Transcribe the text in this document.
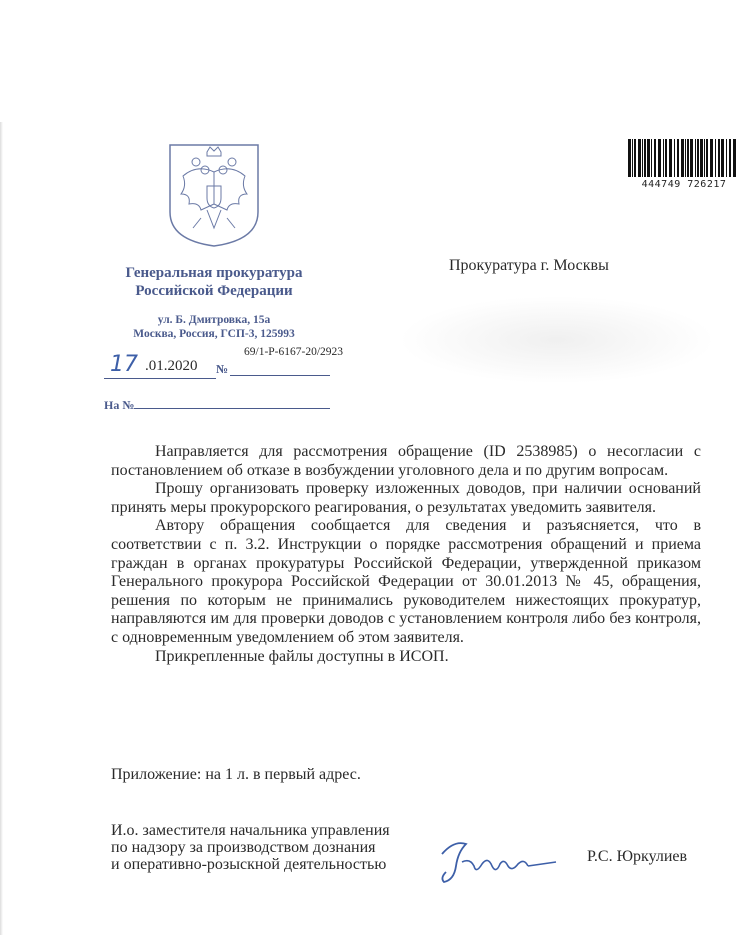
Генеральная прокуратура
Российской Федерации
ул. Б. Дмитровка, 15а
Москва, Россия, ГСП-3, 125993
17 .01.2020 №
69/1-Р-6167-20/2923
На №
444749 726217
Прокуратура г. Москвы

Направляется для рассмотрения обращение (ID 2538985) о несогласии с постановлением об отказе в возбуждении уголовного дела и по другим вопросам.

Прошу организовать проверку изложенных доводов, при наличии оснований принять меры прокурорского реагирования, о результатах уведомить заявителя.

Автору обращения сообщается для сведения и разъясняется, что в соответствии с п. 3.2. Инструкции о порядке рассмотрения обращений и приема граждан в органах прокуратуры Российской Федерации, утвержденной приказом Генерального прокурора Российской Федерации от 30.01.2013 № 45, обращения, решения по которым не принимались руководителем нижестоящих прокуратур, направляются им для проверки доводов с установлением контроля либо без контроля, с одновременным уведомлением об этом заявителя.

Прикрепленные файлы доступны в ИСОП.

Приложение: на 1 л. в первый адрес.
И.о. заместителя начальника управления
по надзору за производством дознания
и оперативно-розыскной деятельностью	Р.С. Юркулиев
